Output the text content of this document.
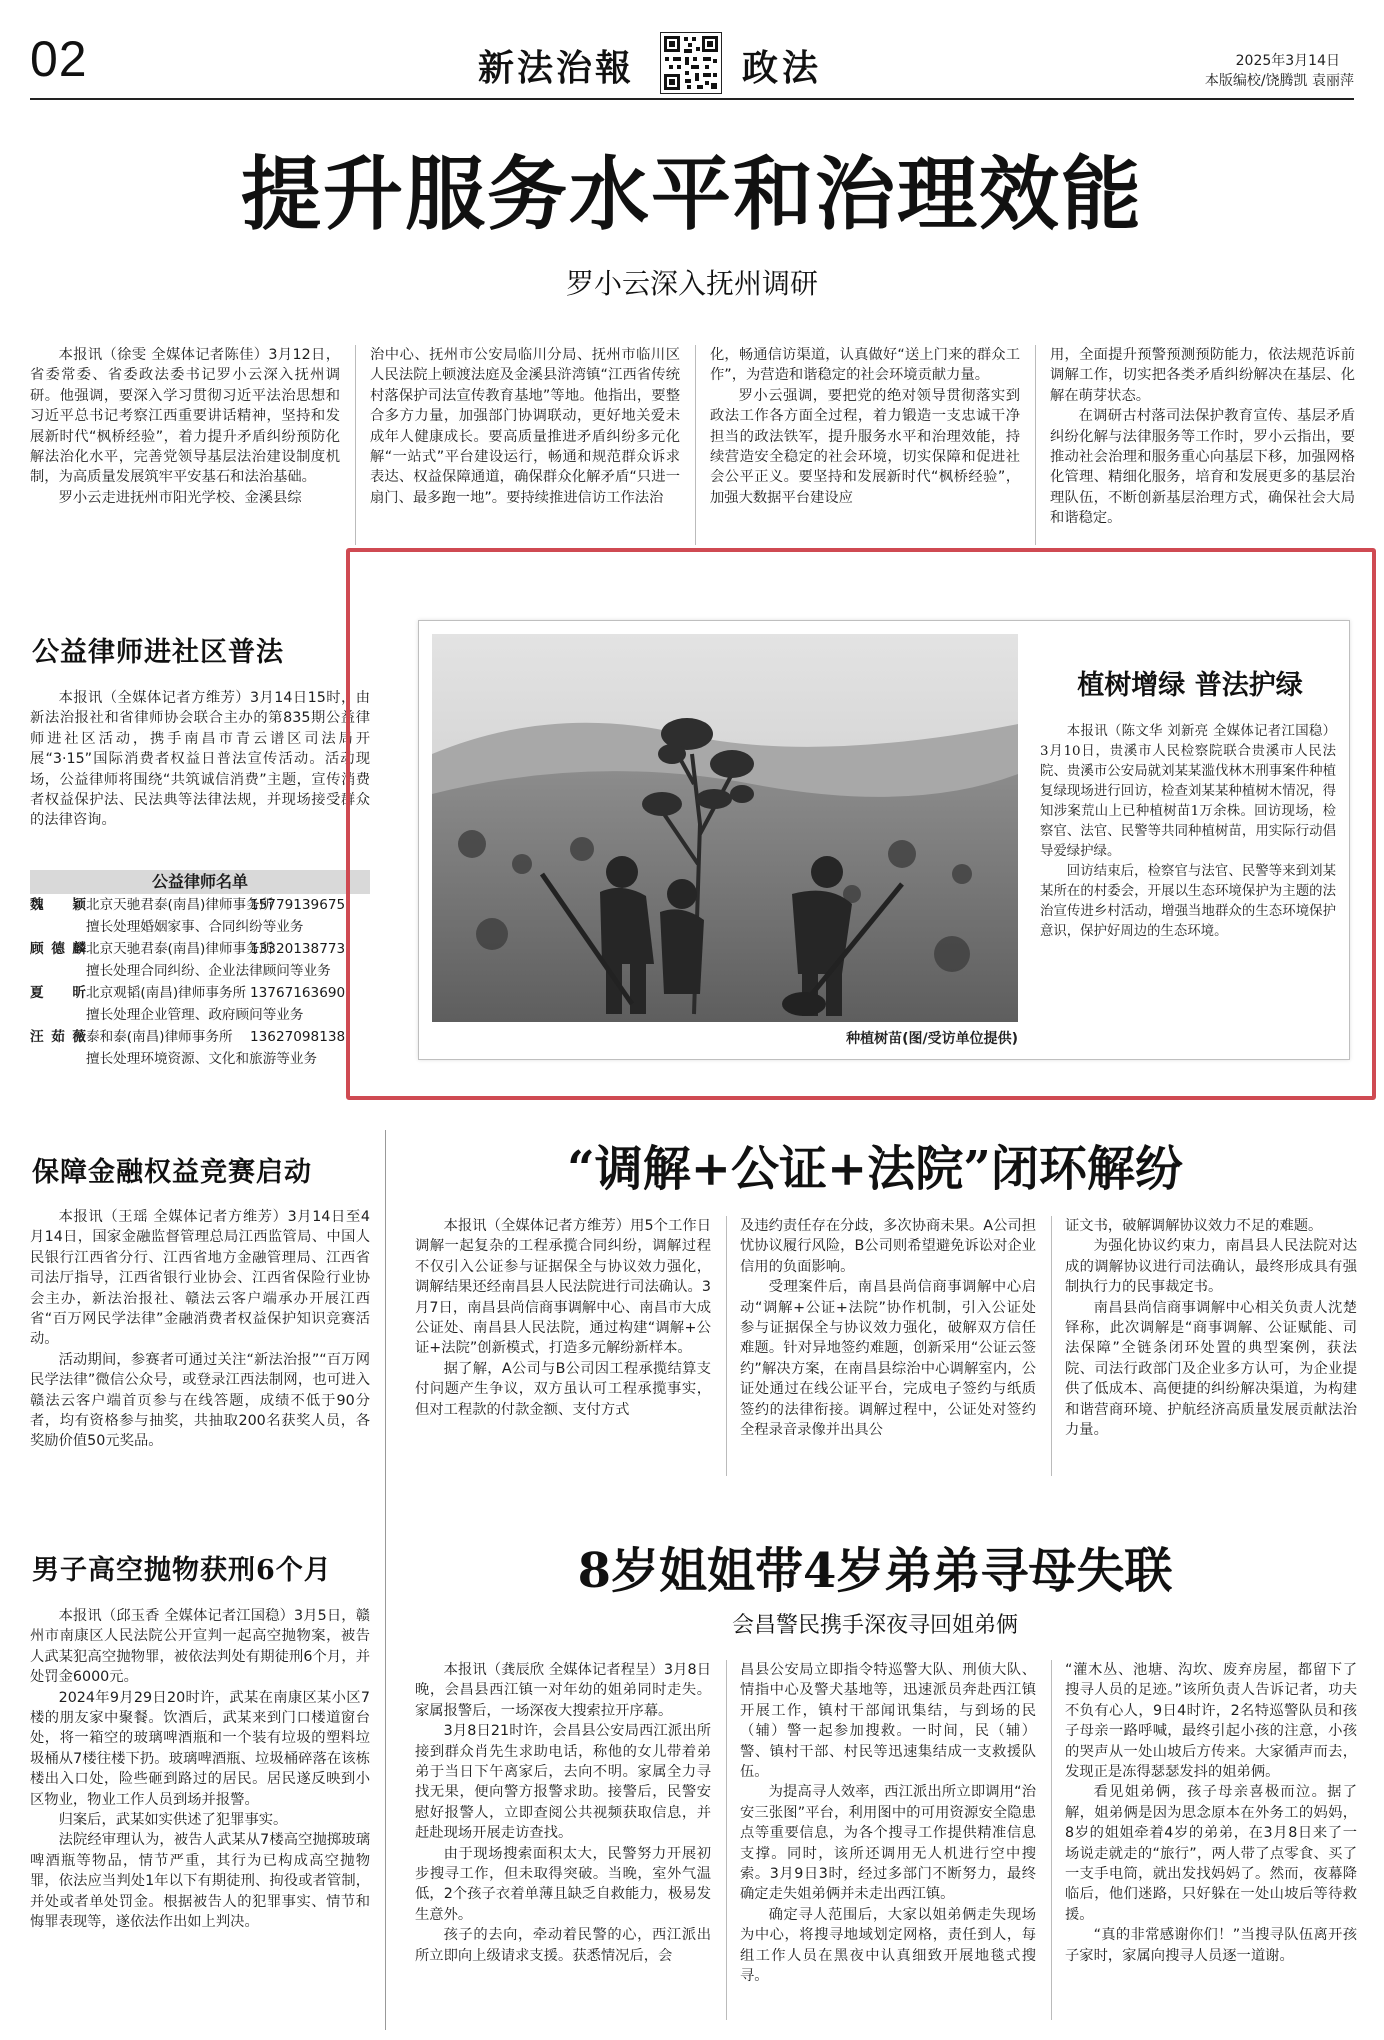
02	新法治報	政法	2025年3月14日
本版编校/饶腾凯 袁丽萍
提升服务水平和治理效能
罗小云深入抚州调研

本报讯（徐雯 全媒体记者陈佳）3月12日，省委常委、省委政法委书记罗小云深入抚州调研。他强调，要深入学习贯彻习近平法治思想和习近平总书记考察江西重要讲话精神，坚持和发展新时代“枫桥经验”，着力提升矛盾纠纷预防化解法治化水平，完善党领导基层法治建设制度机制，为高质量发展筑牢平安基石和法治基础。

罗小云走进抚州市阳光学校、金溪县综

治中心、抚州市公安局临川分局、抚州市临川区人民法院上顿渡法庭及金溪县浒湾镇“江西省传统村落保护司法宣传教育基地”等地。他指出，要整合多方力量，加强部门协调联动，更好地关爱未成年人健康成长。要高质量推进矛盾纠纷多元化解“一站式”平台建设运行，畅通和规范群众诉求表达、权益保障通道，确保群众化解矛盾“只进一扇门、最多跑一地”。要持续推进信访工作法治

化，畅通信访渠道，认真做好“送上门来的群众工作”，为营造和谐稳定的社会环境贡献力量。

罗小云强调，要把党的绝对领导贯彻落实到政法工作各方面全过程，着力锻造一支忠诚干净担当的政法铁军，提升服务水平和治理效能，持续营造安全稳定的社会环境，切实保障和促进社会公平正义。要坚持和发展新时代“枫桥经验”，加强大数据平台建设应

用，全面提升预警预测预防能力，依法规范诉前调解工作，切实把各类矛盾纠纷解决在基层、化解在萌芽状态。

在调研古村落司法保护教育宣传、基层矛盾纠纷化解与法律服务等工作时，罗小云指出，要推动社会治理和服务重心向基层下移，加强网格化管理、精细化服务，培育和发展更多的基层治理队伍，不断创新基层治理方式，确保社会大局和谐稳定。

公益律师进社区普法

本报讯（全媒体记者方维芳）3月14日15时，由新法治报社和省律师协会联合主办的第835期公益律师进社区活动，携手南昌市青云谱区司法局开展“3·15”国际消费者权益日普法宣传活动。活动现场，公益律师将围绕“共筑诚信消费”主题，宣传消费者权益保护法、民法典等法律法规，并现场接受群众的法律咨询。

公益律师名单
魏颖 北京天驰君泰(南昌)律师事务所15779139675
擅长处理婚姻家事、合同纠纷等业务
顾德麟 北京天驰君泰(南昌)律师事务所13320138773
擅长处理合同纠纷、企业法律顾问等业务
夏昕 北京观韬(南昌)律师事务所 13767163690
擅长处理企业管理、政府顾问等业务
汪茹薇 泰和泰(南昌)律师事务所 13627098138
擅长处理环境资源、文化和旅游等业务
种植树苗(图/受访单位提供)
植树增绿 普法护绿

本报讯（陈文华 刘新亮 全媒体记者江国稳）3月10日，贵溪市人民检察院联合贵溪市人民法院、贵溪市公安局就刘某某滥伐林木刑事案件种植复绿现场进行回访，检查刘某某种植树木情况，得知涉案荒山上已种植树苗1万余株。回访现场，检察官、法官、民警等共同种植树苗，用实际行动倡导爱绿护绿。

回访结束后，检察官与法官、民警等来到刘某某所在的村委会，开展以生态环境保护为主题的法治宣传进乡村活动，增强当地群众的生态环境保护意识，保护好周边的生态环境。

保障金融权益竞赛启动

本报讯（王瑶 全媒体记者方维芳）3月14日至4月14日，国家金融监督管理总局江西监管局、中国人民银行江西省分行、江西省地方金融管理局、江西省司法厅指导，江西省银行业协会、江西省保险行业协会主办，新法治报社、赣法云客户端承办开展江西省“百万网民学法律”金融消费者权益保护知识竞赛活动。

活动期间，参赛者可通过关注“新法治报”“百万网民学法律”微信公众号，或登录江西法制网，也可进入赣法云客户端首页参与在线答题，成绩不低于90分者，均有资格参与抽奖，共抽取200名获奖人员，各奖励价值50元奖品。

“调解+公证+法院”闭环解纷

本报讯（全媒体记者方维芳）用5个工作日调解一起复杂的工程承揽合同纠纷，调解过程不仅引入公证参与证据保全与协议效力强化，调解结果还经南昌县人民法院进行司法确认。3月7日，南昌县尚信商事调解中心、南昌市大成公证处、南昌县人民法院，通过构建“调解+公证+法院”创新模式，打造多元解纷新样本。

据了解，A公司与B公司因工程承揽结算支付问题产生争议，双方虽认可工程承揽事实，但对工程款的付款金额、支付方式

及违约责任存在分歧，多次协商未果。A公司担忧协议履行风险，B公司则希望避免诉讼对企业信用的负面影响。

受理案件后，南昌县尚信商事调解中心启动“调解+公证+法院”协作机制，引入公证处参与证据保全与协议效力强化，破解双方信任难题。针对异地签约难题，创新采用“公证云签约”解决方案，在南昌县综治中心调解室内，公证处通过在线公证平台，完成电子签约与纸质签约的法律衔接。调解过程中，公证处对签约全程录音录像并出具公

证文书，破解调解协议效力不足的难题。

为强化协议约束力，南昌县人民法院对达成的调解协议进行司法确认，最终形成具有强制执行力的民事裁定书。

南昌县尚信商事调解中心相关负责人沈楚铎称，此次调解是“商事调解、公证赋能、司法保障”全链条闭环处置的典型案例，获法院、司法行政部门及企业多方认可，为企业提供了低成本、高便捷的纠纷解决渠道，为构建和谐营商环境、护航经济高质量发展贡献法治力量。

男子高空抛物获刑6个月

本报讯（邱玉香 全媒体记者江国稳）3月5日，赣州市南康区人民法院公开宣判一起高空抛物案，被告人武某犯高空抛物罪，被依法判处有期徒刑6个月，并处罚金6000元。

2024年9月29日20时许，武某在南康区某小区7楼的朋友家中聚餐。饮酒后，武某来到门口楼道窗台处，将一箱空的玻璃啤酒瓶和一个装有垃圾的塑料垃圾桶从7楼往楼下扔。玻璃啤酒瓶、垃圾桶碎落在该栋楼出入口处，险些砸到路过的居民。居民遂反映到小区物业，物业工作人员到场并报警。

归案后，武某如实供述了犯罪事实。

法院经审理认为，被告人武某从7楼高空抛掷玻璃啤酒瓶等物品，情节严重，其行为已构成高空抛物罪，依法应当判处1年以下有期徒刑、拘役或者管制，并处或者单处罚金。根据被告人的犯罪事实、情节和悔罪表现等，遂依法作出如上判决。

8岁姐姐带4岁弟弟寻母失联
会昌警民携手深夜寻回姐弟俩

本报讯（龚辰欣 全媒体记者程呈）3月8日晚，会昌县西江镇一对年幼的姐弟同时走失。家属报警后，一场深夜大搜索拉开序幕。

3月8日21时许，会昌县公安局西江派出所接到群众肖先生求助电话，称他的女儿带着弟弟于当日下午离家后，去向不明。家属全力寻找无果，便向警方报警求助。接警后，民警安慰好报警人，立即查阅公共视频获取信息，并赶赴现场开展走访查找。

由于现场搜索面积太大，民警努力开展初步搜寻工作，但未取得突破。当晚，室外气温低，2个孩子衣着单薄且缺乏自救能力，极易发生意外。

孩子的去向，牵动着民警的心，西江派出所立即向上级请求支援。获悉情况后，会

昌县公安局立即指令特巡警大队、刑侦大队、情指中心及警犬基地等，迅速派员奔赴西江镇开展工作，镇村干部闻讯集结，与到场的民（辅）警一起参加搜救。一时间，民（辅）警、镇村干部、村民等迅速集结成一支救援队伍。

为提高寻人效率，西江派出所立即调用“治安三张图”平台，利用图中的可用资源安全隐患点等重要信息，为各个搜寻工作提供精准信息支撑。同时，该所还调用无人机进行空中搜索。3月9日3时，经过多部门不断努力，最终确定走失姐弟俩并未走出西江镇。

确定寻人范围后，大家以姐弟俩走失现场为中心，将搜寻地域划定网格，责任到人，每组工作人员在黑夜中认真细致开展地毯式搜寻。

“灌木丛、池塘、沟坎、废弃房屋，都留下了搜寻人员的足迹。”该所负责人告诉记者，功夫不负有心人，9日4时许，2名特巡警队员和孩子母亲一路呼喊，最终引起小孩的注意，小孩的哭声从一处山坡后方传来。大家循声而去，发现正是冻得瑟瑟发抖的姐弟俩。

看见姐弟俩，孩子母亲喜极而泣。据了解，姐弟俩是因为思念原本在外务工的妈妈，8岁的姐姐牵着4岁的弟弟，在3月8日来了一场说走就走的“旅行”，两人带了点零食、买了一支手电筒，就出发找妈妈了。然而，夜幕降临后，他们迷路，只好躲在一处山坡后等待救援。

“真的非常感谢你们！”当搜寻队伍离开孩子家时，家属向搜寻人员逐一道谢。
